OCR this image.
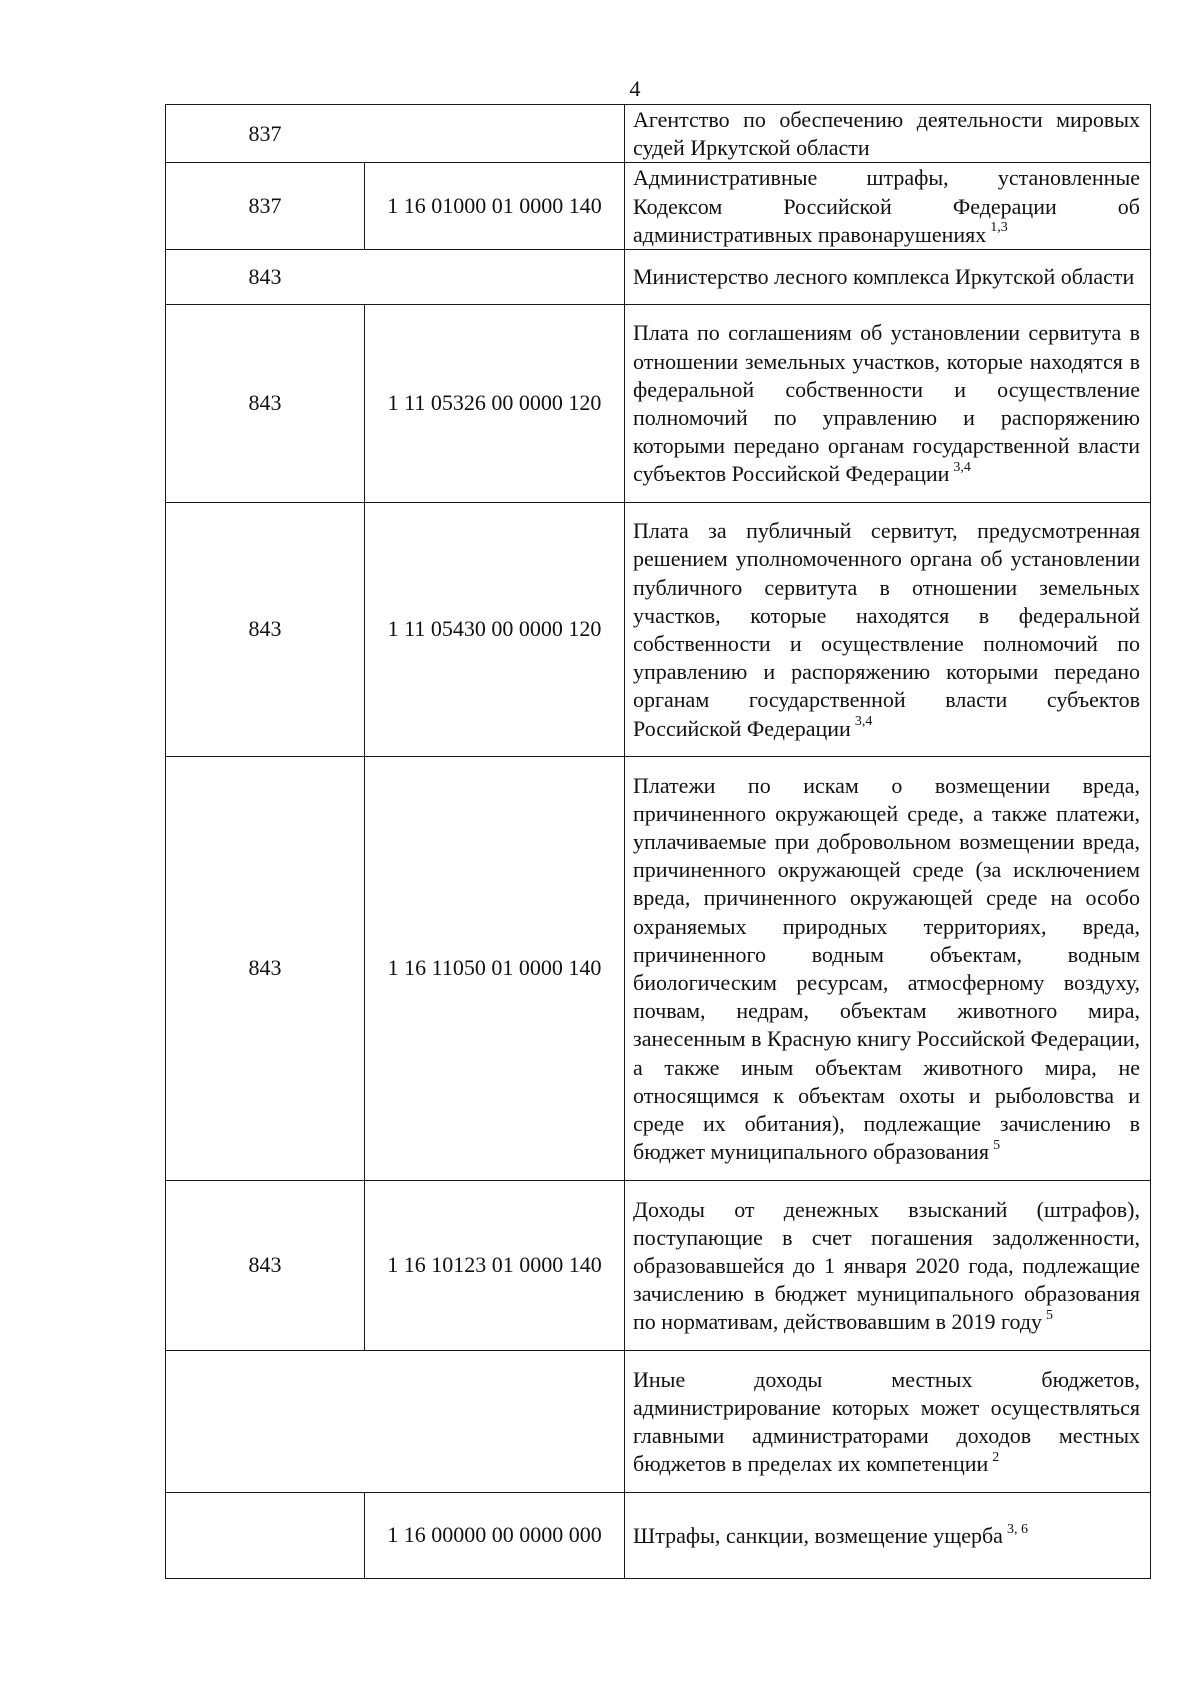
4
837		Агентство по обеспечению деятельности мировых судей Иркутской области
837	1 16 01000 01 0000 140	Административные штрафы, установленные Кодексом Российской Федерации об административных правонарушениях $^{1,3}$
843		Министерство лесного комплекса Иркутской области
843	1 11 05326 00 0000 120	Плата по соглашениям об установлении сервитута в отношении земельных участков, которые находятся в федеральной собственности и осуществление полномочий по управлению и распоряжению которыми передано органам государственной власти субъектов Российской Федерации $^{3,4}$
843	1 11 05430 00 0000 120	Плата за публичный сервитут, предусмотренная решением уполномоченного органа об установлении публичного сервитута в отношении земельных участков, которые находятся в федеральной собственности и осуществление полномочий по управлению и распоряжению которыми передано органам государственной власти субъектов Российской Федерации $^{3,4}$
843	1 16 11050 01 0000 140	Платежи по искам о возмещении вреда, причиненного окружающей среде, а также платежи, уплачиваемые при добровольном возмещении вреда, причиненного окружающей среде (за исключением вреда, причиненного окружающей среде на особо охраняемых природных территориях, вреда, причиненного водным объектам, водным биологическим ресурсам, атмосферному воздуху, почвам, недрам, объектам животного мира, занесенным в Красную книгу Российской Федерации, а также иным объектам животного мира, не относящимся к объектам охоты и рыболовства и среде их обитания), подлежащие зачислению в бюджет муниципального образования $^5$
843	1 16 10123 01 0000 140	Доходы от денежных взысканий (штрафов), поступающие в счет погашения задолженности, образовавшейся до 1 января 2020 года, подлежащие зачислению в бюджет муниципального образования по нормативам, действовавшим в 2019 году $^5$
		Иные доходы местных бюджетов, администрирование которых может осуществляться главными администраторами доходов местных бюджетов в пределах их компетенции $^2$
	1 16 00000 00 0000 000	Штрафы, санкции, возмещение ущерба $^{3, 6}$
